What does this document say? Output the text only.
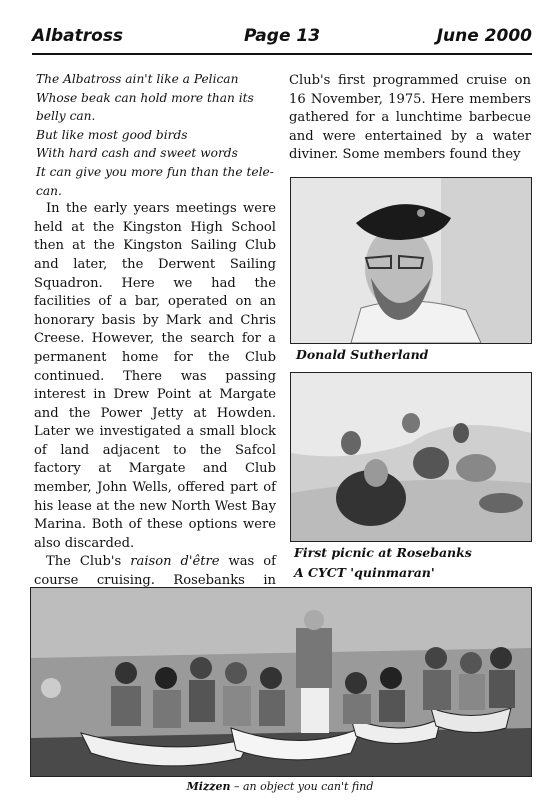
Albatross	Page 13	June 2000
The Albatross ain't like a Pelican
Whose beak can hold more than its
belly can.
But like most good birds
With hard cash and sweet words
It can give you more fun than the tele-
can.

In the early years meetings were held at the Kingston High School then at the Kingston Sailing Club and later, the Derwent Sailing Squadron. Here we had the facilities of a bar, operated on an honorary basis by Mark and Chris Creese. However, the search for a permanent home for the Club continued. There was passing interest in Drew Point at Margate and the Power Jetty at Howden. Later we investigated a small block of land adjacent to the Safcol factory at Margate and Club member, John Wells, offered part of his lease at the new North West Bay Marina. Both of these options were also discarded.

The Club's raison d'être was of course cruising. Rosebanks in

Club's first programmed cruise on 16 November, 1975. Here members gathered for a lunchtime barbecue and were entertained by a water diviner. Some members found they

Donald Sutherland
First picnic at Rosebanks
A CYCT 'quinmaran'
Mizzen – an object you can't find
